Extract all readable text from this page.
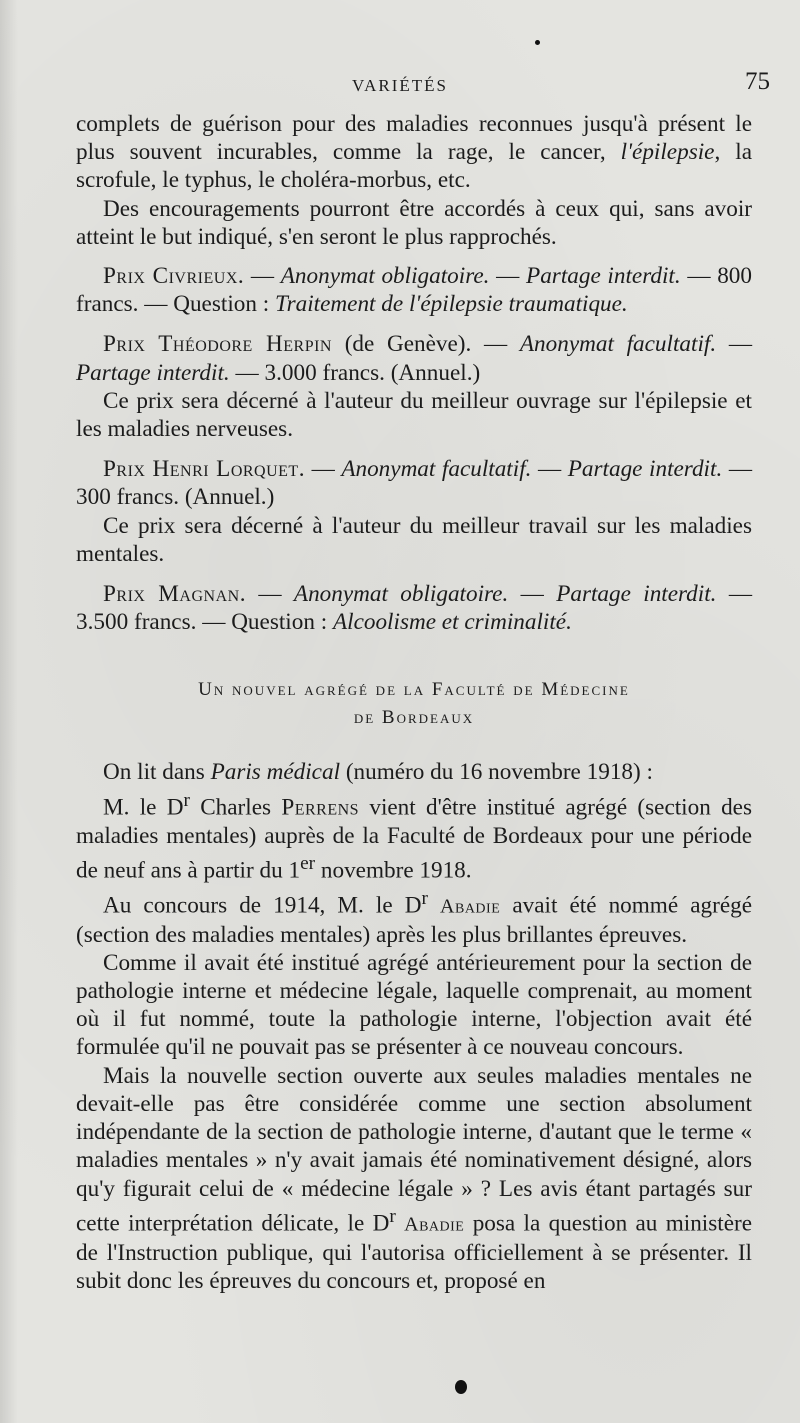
VARIÉTÉS	75

complets de guérison pour des maladies reconnues jusqu'à présent le plus souvent incurables, comme la rage, le cancer, l'épilepsie, la scrofule, le typhus, le choléra-morbus, etc.

Des encouragements pourront être accordés à ceux qui, sans avoir atteint le but indiqué, s'en seront le plus rapprochés.

Prix Civrieux. — Anonymat obligatoire. — Partage interdit. — 800 francs. — Question : Traitement de l'épilepsie traumatique.

Prix Théodore Herpin (de Genève). — Anonymat facultatif. — Partage interdit. — 3.000 francs. (Annuel.)

Ce prix sera décerné à l'auteur du meilleur ouvrage sur l'épilepsie et les maladies nerveuses.

Prix Henri Lorquet. — Anonymat facultatif. — Partage interdit. — 300 francs. (Annuel.)

Ce prix sera décerné à l'auteur du meilleur travail sur les maladies mentales.

Prix Magnan. — Anonymat obligatoire. — Partage interdit. — 3.500 francs. — Question : Alcoolisme et criminalité.

Un nouvel agrégé de la Faculté de Médecine
de Bordeaux

On lit dans Paris médical (numéro du 16 novembre 1918) :

M. le $D^r$ Charles Perrens vient d'être institué agrégé (section des maladies mentales) auprès de la Faculté de Bordeaux pour une période de neuf ans à partir du 1er novembre 1918.

Au concours de 1914, M. le $D^r$ Abadie avait été nommé agrégé (section des maladies mentales) après les plus brillantes épreuves.

Comme il avait été institué agrégé antérieurement pour la section de pathologie interne et médecine légale, laquelle comprenait, au moment où il fut nommé, toute la pathologie interne, l'objection avait été formulée qu'il ne pouvait pas se présenter à ce nouveau concours.

Mais la nouvelle section ouverte aux seules maladies mentales ne devait-elle pas être considérée comme une section absolument indépendante de la section de pathologie interne, d'autant que le terme « maladies mentales » n'y avait jamais été nominativement désigné, alors qu'y figurait celui de « médecine légale » ? Les avis étant partagés sur cette interprétation délicate, le $D^r$ Abadie posa la question au ministère de l'Instruction publique, qui l'autorisa officiellement à se présenter. Il subit donc les épreuves du concours et, proposé en
